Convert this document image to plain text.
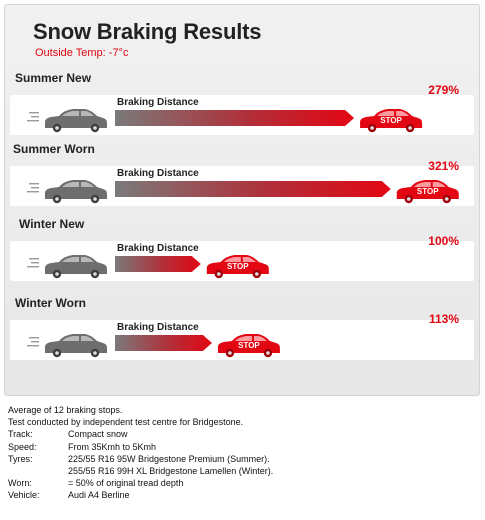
Snow Braking Results
Outside Temp: -7°c
Summer New
279%
Braking Distance
Summer Worn
321%
Braking Distance
Winter New
100%
Braking Distance
Winter Worn
113%
Braking Distance
STOP
STOP
STOP
STOP
Average of 12 braking stops.
Test conducted by independent test centre for Bridgestone.
Track:	Compact snow
Speed:	From 35Kmh to 5Kmh
Tyres:	225/55 R16 95W Bridgestone Premium (Summer).
255/55 R16 99H XL Bridgestone Lamellen (Winter).
Worn:	= 50% of original tread depth
Vehicle:	Audi A4 Berline
